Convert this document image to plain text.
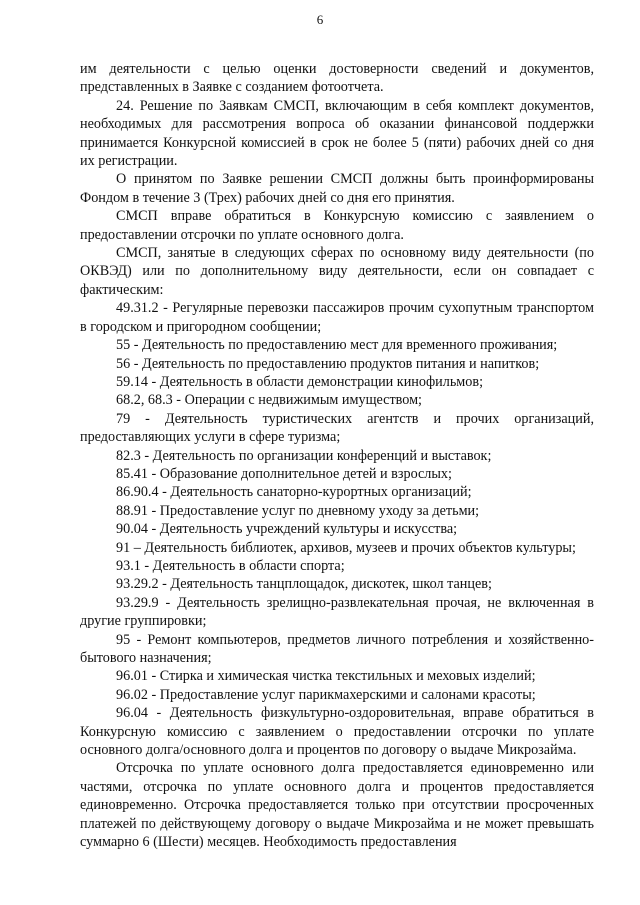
6

им деятельности с целью оценки достоверности сведений и документов, представленных в Заявке с созданием фотоотчета.

24. Решение по Заявкам СМСП, включающим в себя комплект документов, необходимых для рассмотрения вопроса об оказании финансовой поддержки принимается Конкурсной комиссией в срок не более 5 (пяти) рабочих дней со дня их регистрации.

О принятом по Заявке решении СМСП должны быть проинформированы Фондом в течение 3 (Трех) рабочих дней со дня его принятия.

СМСП вправе обратиться в Конкурсную комиссию с заявлением о предоставлении отсрочки по уплате основного долга.

СМСП, занятые в следующих сферах по основному виду деятельности (по ОКВЭД) или по дополнительному виду деятельности, если он совпадает с фактическим:

49.31.2 - Регулярные перевозки пассажиров прочим сухопутным транспортом в городском и пригородном сообщении;

55 - Деятельность по предоставлению мест для временного проживания;

56 - Деятельность по предоставлению продуктов питания и напитков;

59.14 - Деятельность в области демонстрации кинофильмов;

68.2, 68.3 - Операции с недвижимым имуществом;

79 - Деятельность туристических агентств и прочих организаций, предоставляющих услуги в сфере туризма;

82.3 - Деятельность по организации конференций и выставок;

85.41 - Образование дополнительное детей и взрослых;

86.90.4 - Деятельность санаторно-курортных организаций;

88.91 - Предоставление услуг по дневному уходу за детьми;

90.04 - Деятельность учреждений культуры и искусства;

91 – Деятельность библиотек, архивов, музеев и прочих объектов культуры;

93.1 - Деятельность в области спорта;

93.29.2 - Деятельность танцплощадок, дискотек, школ танцев;

93.29.9 - Деятельность зрелищно-развлекательная прочая, не включенная в другие группировки;

95 - Ремонт компьютеров, предметов личного потребления и хозяйственно-бытового назначения;

96.01 - Стирка и химическая чистка текстильных и меховых изделий;

96.02 - Предоставление услуг парикмахерскими и салонами красоты;

96.04 - Деятельность физкультурно-оздоровительная, вправе обратиться в Конкурсную комиссию с заявлением о предоставлении отсрочки по уплате основного долга/основного долга и процентов по договору о выдаче Микрозайма.

Отсрочка по уплате основного долга предоставляется единовременно или частями, отсрочка по уплате основного долга и процентов предоставляется единовременно. Отсрочка предоставляется только при отсутствии просроченных платежей по действующему договору о выдаче Микрозайма и не может превышать суммарно 6 (Шести) месяцев. Необходимость предоставления
